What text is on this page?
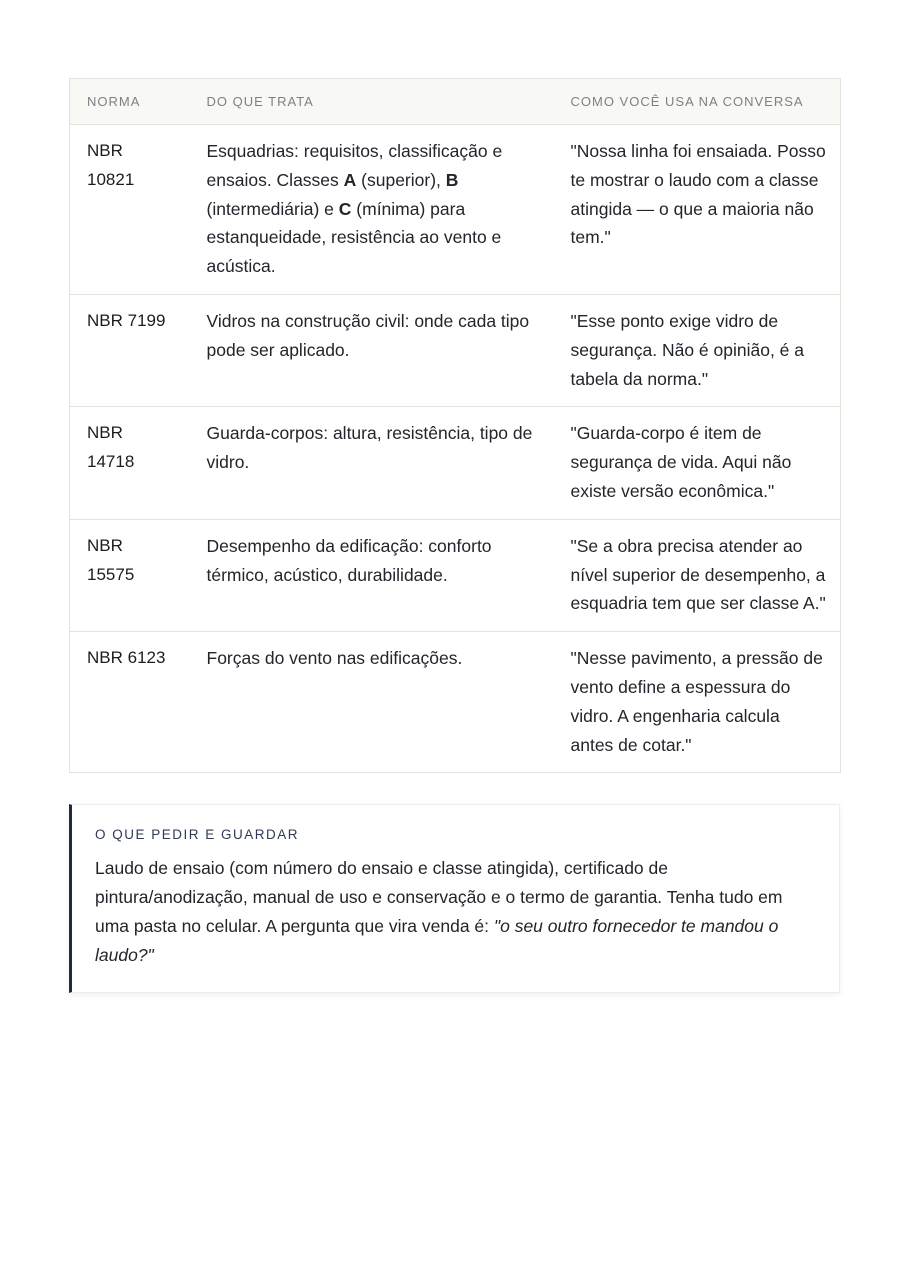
NORMA	DO QUE TRATA	COMO VOCÊ USA NA CONVERSA
NBR 10821	Esquadrias: requisitos, classificação e ensaios. Classes A (superior), B (intermediária) e C (mínima) para estanqueidade, resistência ao vento e acústica.	"Nossa linha foi ensaiada. Posso te mostrar o laudo com a classe atingida — o que a maioria não tem."
NBR 7199	Vidros na construção civil: onde cada tipo pode ser aplicado.	"Esse ponto exige vidro de segurança. Não é opinião, é a tabela da norma."
NBR 14718	Guarda-corpos: altura, resistência, tipo de vidro.	"Guarda-corpo é item de segurança de vida. Aqui não existe versão econômica."
NBR 15575	Desempenho da edificação: conforto térmico, acústico, durabilidade.	"Se a obra precisa atender ao nível superior de desempenho, a esquadria tem que ser classe A."
NBR 6123	Forças do vento nas edificações.	"Nesse pavimento, a pressão de vento define a espessura do vidro. A engenharia calcula antes de cotar."
O QUE PEDIR E GUARDAR
Laudo de ensaio (com número do ensaio e classe atingida), certificado de pintura/anodização, manual de uso e conservação e o termo de garantia. Tenha tudo em uma pasta no celular. A pergunta que vira venda é: "o seu outro fornecedor te mandou o laudo?"
